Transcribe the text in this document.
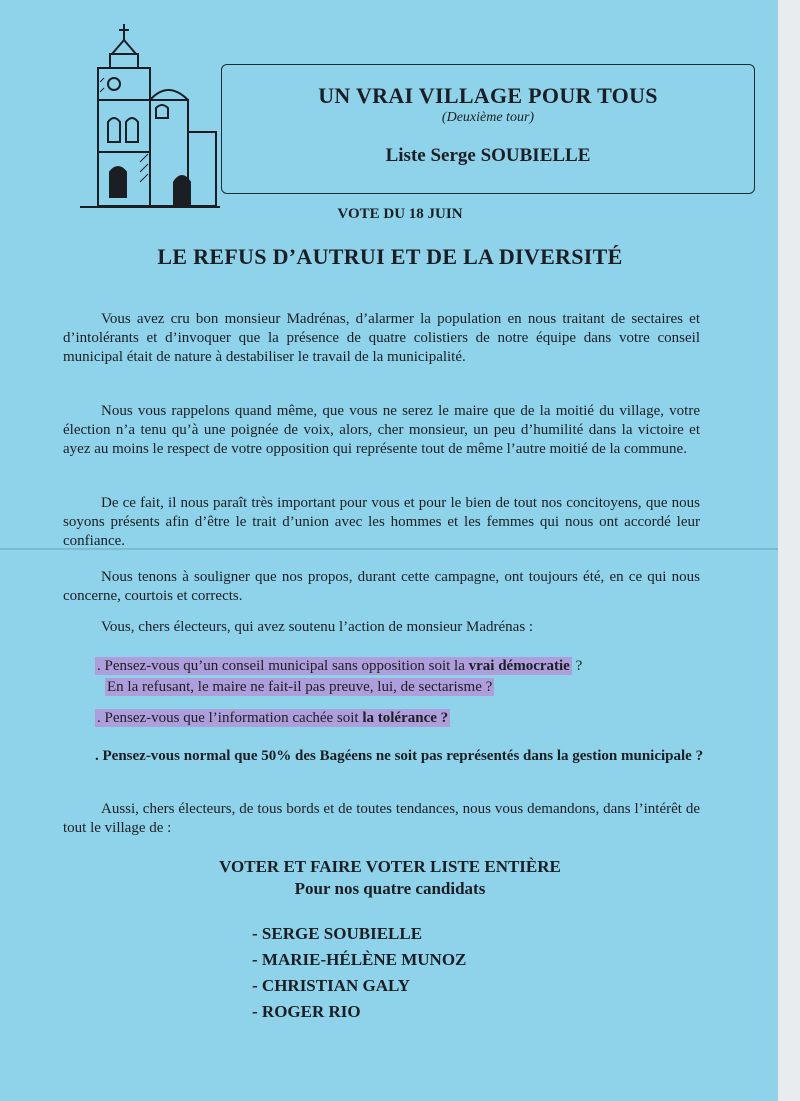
UN VRAI VILLAGE POUR TOUS
(Deuxième tour)
Liste Serge SOUBIELLE
VOTE DU 18 JUIN
LE REFUS D’AUTRUI ET DE LA DIVERSITÉ
Vous avez cru bon monsieur Madrénas, d’alarmer la population en nous traitant de sectaires et d’intolérants et d’invoquer que la présence de quatre colistiers de notre équipe dans votre conseil municipal était de nature à destabiliser le travail de la municipalité.
Nous vous rappelons quand même, que vous ne serez le maire que de la moitié du village, votre élection n’a tenu qu’à une poignée de voix, alors, cher monsieur, un peu d’humilité dans la victoire et ayez au moins le respect de votre opposition qui représente tout de même l’autre moitié de la commune.
De ce fait, il nous paraît très important pour vous et pour le bien de tout nos concitoyens, que nous soyons présents afin d’être le trait d’union avec les hommes et les femmes qui nous ont accordé leur confiance.
Nous tenons à souligner que nos propos, durant cette campagne, ont toujours été, en ce qui nous concerne, courtois et corrects.
Vous, chers électeurs, qui avez soutenu l’action de monsieur Madrénas :
. Pensez-vous qu’un conseil municipal sans opposition soit la vrai démocratie ?
En la refusant, le maire ne fait-il pas preuve, lui, de sectarisme ?
. Pensez-vous que l’information cachée soit la tolérance ?
. Pensez-vous normal que 50% des Bagéens ne soit pas représentés dans la gestion municipale ?
Aussi, chers électeurs, de tous bords et de toutes tendances, nous vous demandons, dans l’intérêt de tout le village de :
VOTER ET FAIRE VOTER LISTE ENTIÈRE
Pour nos quatre candidats
- SERGE SOUBIELLE
- MARIE-HÉLÈNE MUNOZ
- CHRISTIAN GALY
- ROGER RIO
